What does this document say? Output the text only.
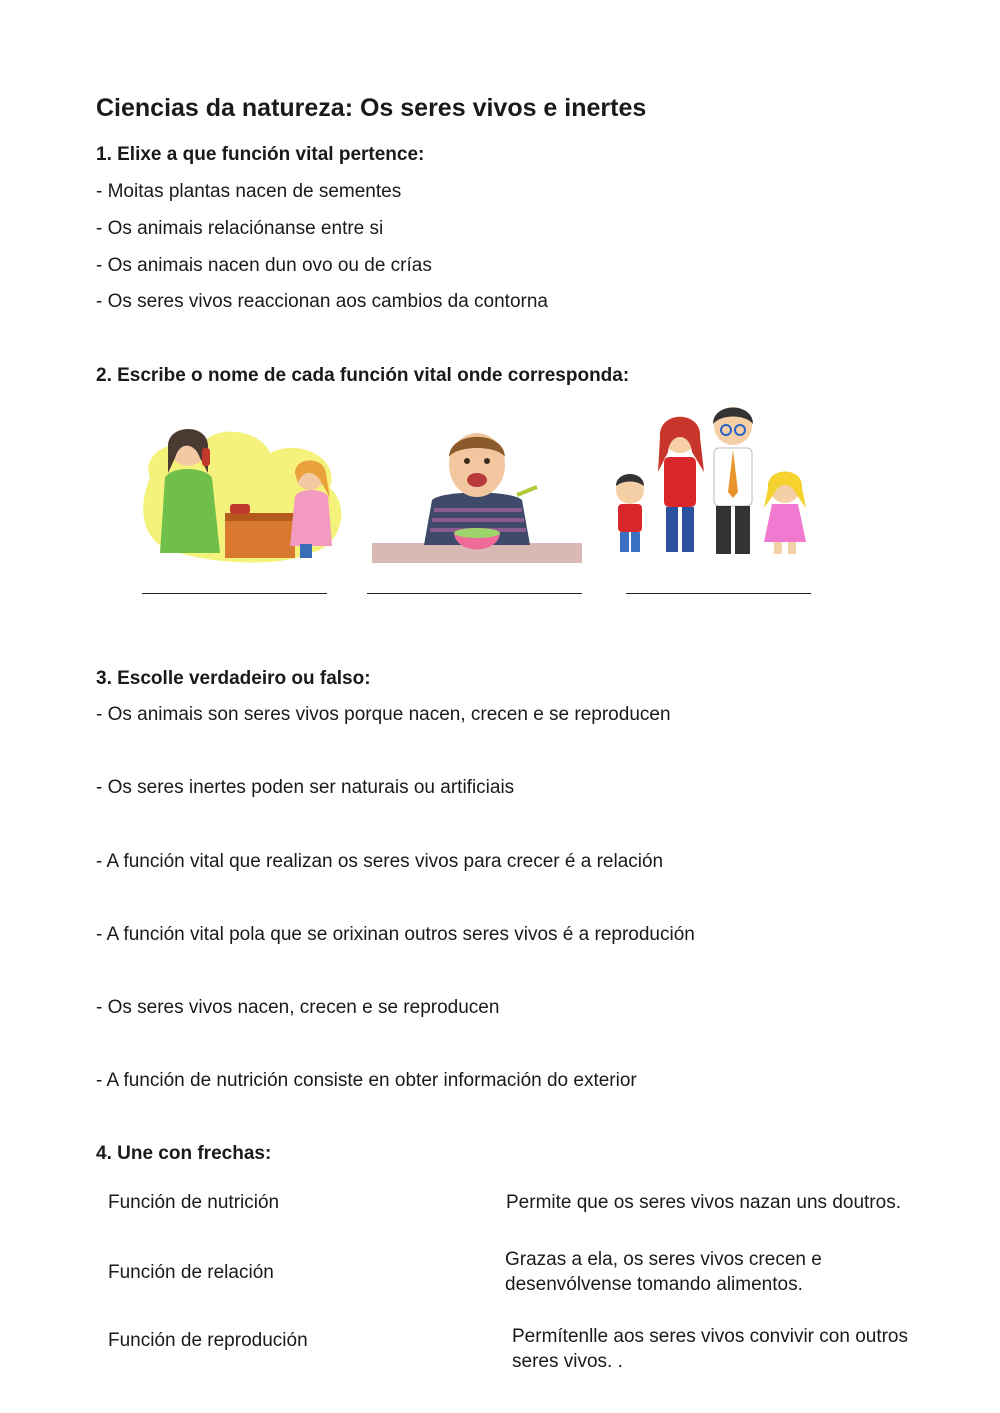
Ciencias da natureza: Os seres vivos e inertes
1. Elixe a que función vital pertence:
- Moitas plantas nacen de sementes
- Os animais relaciónanse entre si
- Os animais nacen dun ovo ou de crías
- Os seres vivos reaccionan aos cambios da contorna
2. Escribe o nome de cada función vital onde corresponda:
3. Escolle verdadeiro ou falso:
- Os animais son seres vivos porque nacen, crecen e se reproducen
- Os seres inertes poden ser naturais ou artificiais
- A función vital que realizan os seres vivos para crecer é a relación
- A función vital pola que se orixinan outros seres vivos é a reprodución
- Os seres vivos nacen, crecen e se reproducen
- A función de nutrición consiste en obter información do exterior
4. Une con frechas:
Función de nutrición
Función de relación
Función de reprodución
Permite que os seres vivos nazan uns doutros.
Grazas a ela, os seres vivos crecen e desenvólvense tomando alimentos.
Permítenlle aos seres vivos convivir con outros seres vivos. .
